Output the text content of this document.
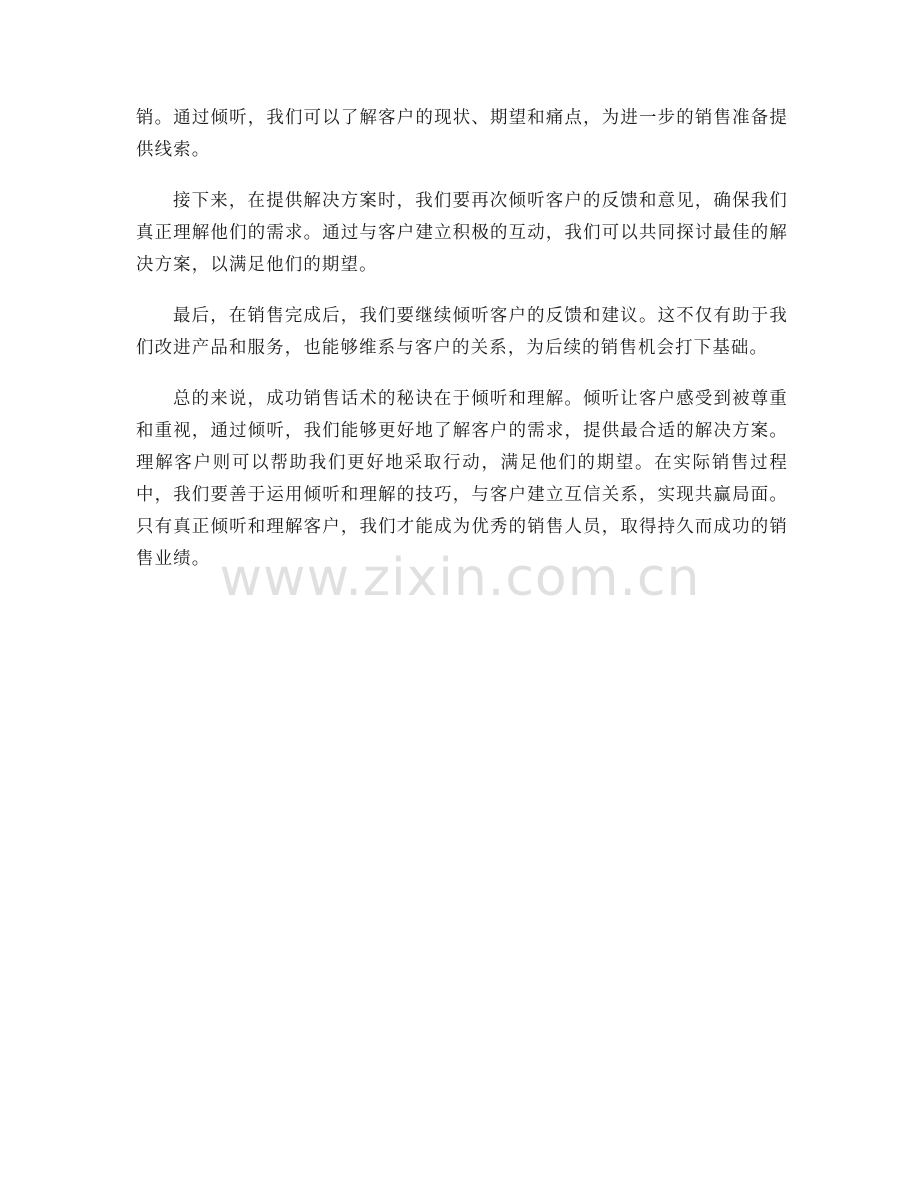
销。通过倾听，我们可以了解客户的现状、期望和痛点，为进一步的销售准备提供线索。

接下来，在提供解决方案时，我们要再次倾听客户的反馈和意见，确保我们真正理解他们的需求。通过与客户建立积极的互动，我们可以共同探讨最佳的解决方案，以满足他们的期望。

最后，在销售完成后，我们要继续倾听客户的反馈和建议。这不仅有助于我们改进产品和服务，也能够维系与客户的关系，为后续的销售机会打下基础。

总的来说，成功销售话术的秘诀在于倾听和理解。倾听让客户感受到被尊重和重视，通过倾听，我们能够更好地了解客户的需求，提供最合适的解决方案。理解客户则可以帮助我们更好地采取行动，满足他们的期望。在实际销售过程中，我们要善于运用倾听和理解的技巧，与客户建立互信关系，实现共赢局面。只有真正倾听和理解客户，我们才能成为优秀的销售人员，取得持久而成功的销售业绩。 www.zixin.com.cn
